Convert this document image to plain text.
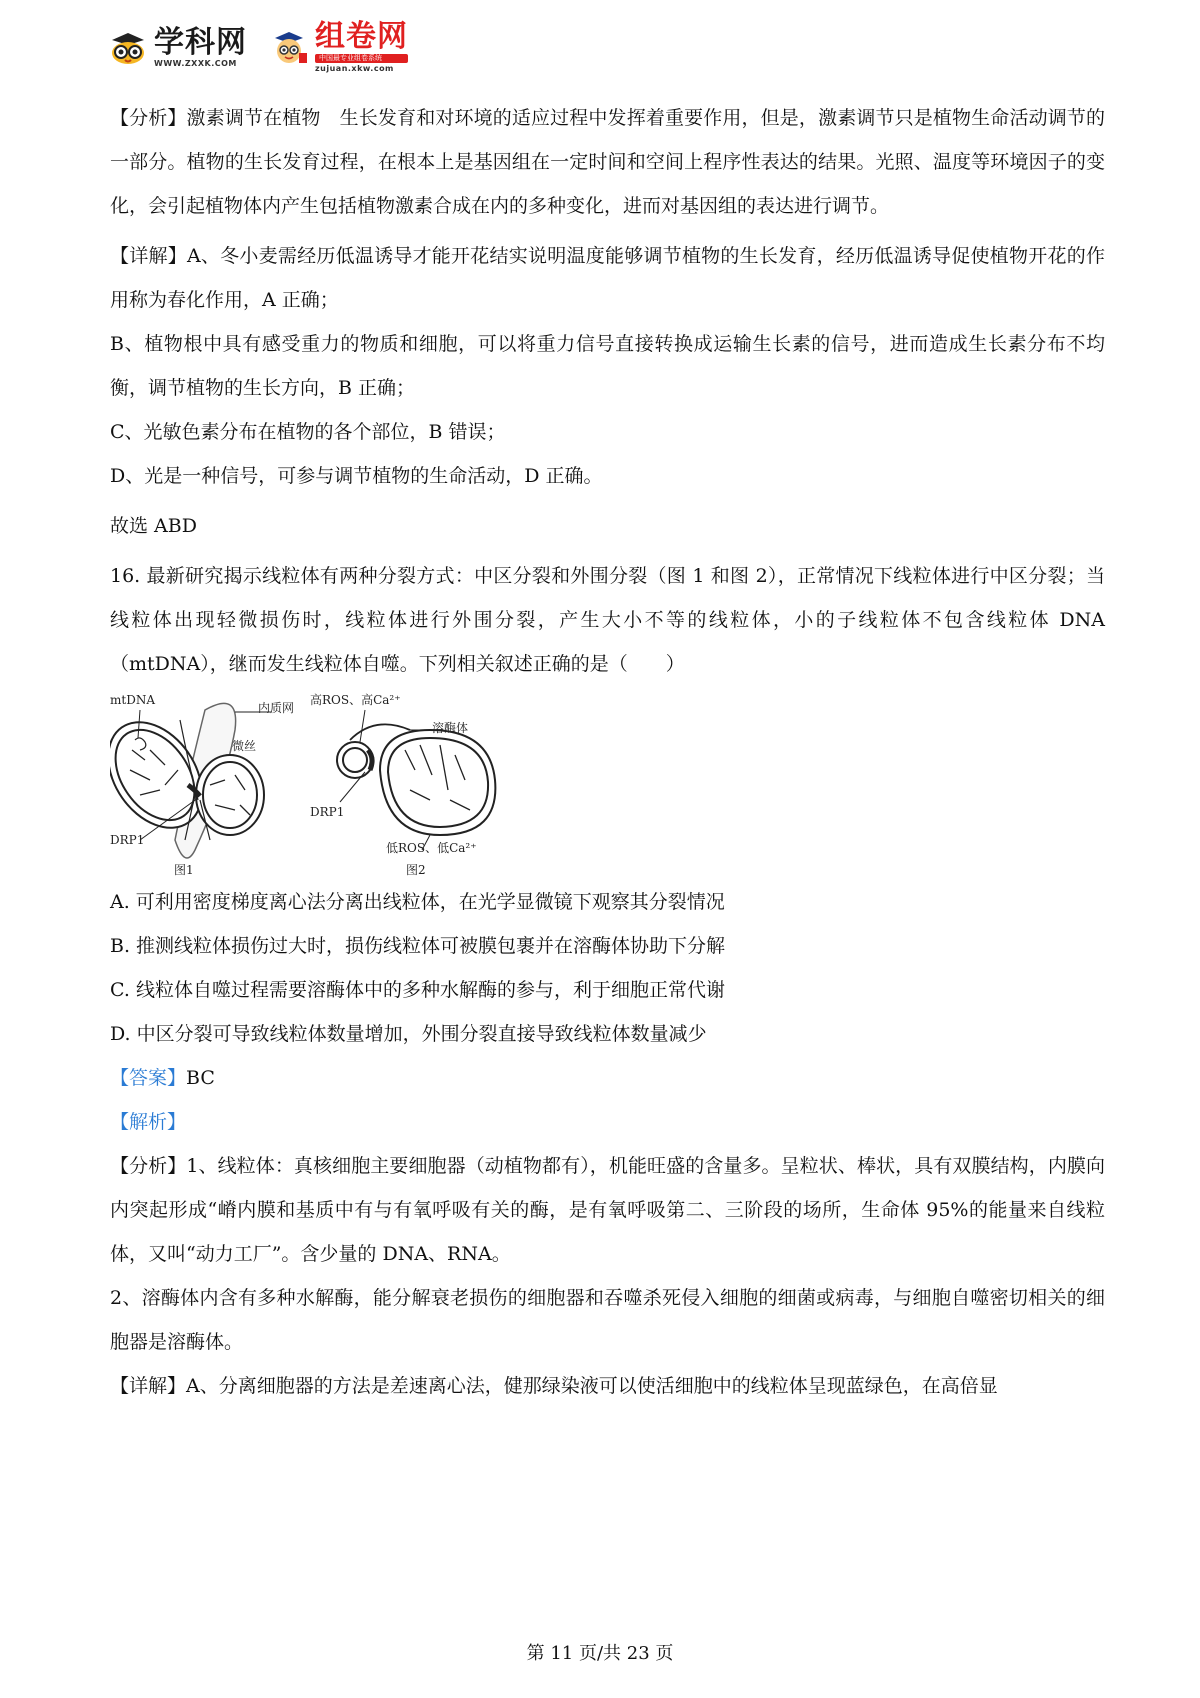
学科网
WWW.ZXXK.COM
组卷网
中国最专业组卷系统
zujuan.xkw.com

【分析】激素调节在植物　生长发育和对环境的适应过程中发挥着重要作用，但是，激素调节只是植物生命活动调节的一部分。植物的生长发育过程，在根本上是基因组在一定时间和空间上程序性表达的结果。光照、温度等环境因子的变化，会引起植物体内产生包括植物激素合成在内的多种变化，进而对基因组的表达进行调节。

【详解】A、冬小麦需经历低温诱导才能开花结实说明温度能够调节植物的生长发育，经历低温诱导促使植物开花的作用称为春化作用，A 正确；

B、植物根中具有感受重力的物质和细胞，可以将重力信号直接转换成运输生长素的信号，进而造成生长素分布不均衡，调节植物的生长方向，B 正确；

C、光敏色素分布在植物的各个部位，B 错误；

D、光是一种信号，可参与调节植物的生命活动，D 正确。

故选 ABD

16. 最新研究揭示线粒体有两种分裂方式：中区分裂和外围分裂（图 1 和图 2），正常情况下线粒体进行中区分裂；当线粒体出现轻微损伤时，线粒体进行外围分裂，产生大小不等的线粒体，小的子线粒体不包含线粒体 DNA（mtDNA），继而发生线粒体自噬。下列相关叙述正确的是（　　）

mtDNA
内质网
微丝
DRP1
图1
高ROS、高Ca²⁺
溶酶体
DRP1
低ROS、低Ca²⁺
图2

A. 可利用密度梯度离心法分离出线粒体，在光学显微镜下观察其分裂情况

B. 推测线粒体损伤过大时，损伤线粒体可被膜包裹并在溶酶体协助下分解

C. 线粒体自噬过程需要溶酶体中的多种水解酶的参与，利于细胞正常代谢

D. 中区分裂可导致线粒体数量增加，外围分裂直接导致线粒体数量减少

【答案】BC

【解析】

【分析】1、线粒体：真核细胞主要细胞器（动植物都有），机能旺盛的含量多。呈粒状、棒状，具有双膜结构，内膜向内突起形成“嵴内膜和基质中有与有氧呼吸有关的酶，是有氧呼吸第二、三阶段的场所，生命体 95%的能量来自线粒体，又叫“动力工厂”。含少量的 DNA、RNA。

2、溶酶体内含有多种水解酶，能分解衰老损伤的细胞器和吞噬杀死侵入细胞的细菌或病毒，与细胞自噬密切相关的细胞器是溶酶体。

【详解】A、分离细胞器的方法是差速离心法，健那绿染液可以使活细胞中的线粒体呈现蓝绿色，在高倍显

第 11 页/共 23 页
